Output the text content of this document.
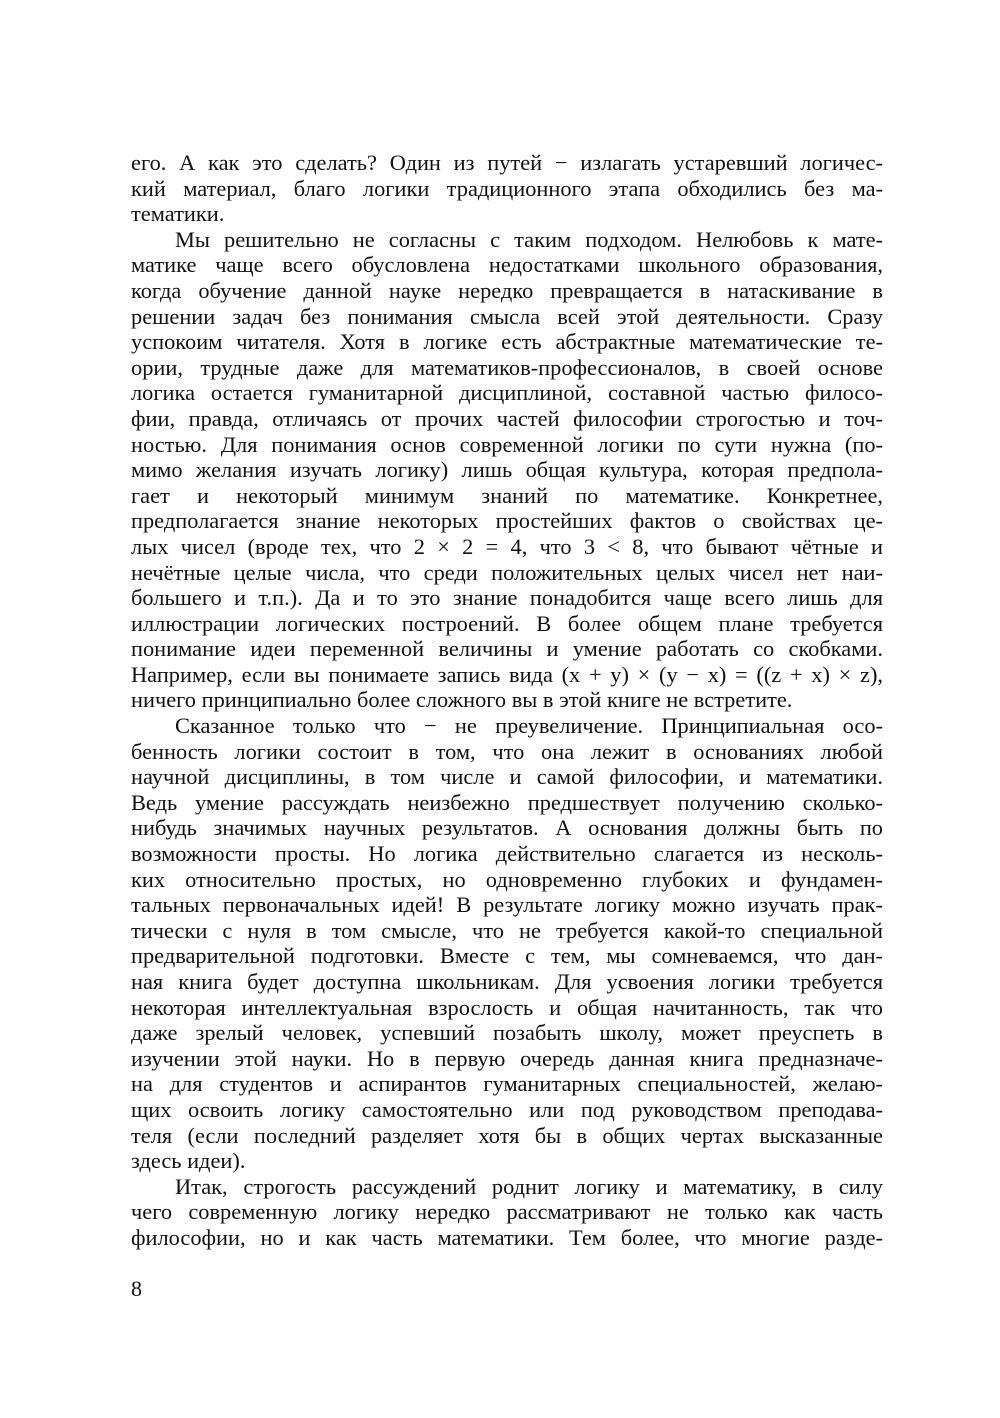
его. А как это сделать? Один из путей − излагать устаревший логичес-
кий материал, благо логики традиционного этапа обходились без ма-
тематики.
Мы решительно не согласны с таким подходом. Нелюбовь к мате-
матике чаще всего обусловлена недостатками школьного образования,
когда обучение данной науке нередко превращается в натаскивание в
решении задач без понимания смысла всей этой деятельности. Сразу
успокоим читателя. Хотя в логике есть абстрактные математические те-
ории, трудные даже для математиков-профессионалов, в своей основе
логика остается гуманитарной дисциплиной, составной частью филосо-
фии, правда, отличаясь от прочих частей философии строгостью и точ-
ностью. Для понимания основ современной логики по сути нужна (по-
мимо желания изучать логику) лишь общая культура, которая предпола-
гает и некоторый минимум знаний по математике. Конкретнее,
предполагается знание некоторых простейших фактов о свойствах це-
лых чисел (вроде тех, что 2 × 2 = 4, что 3 < 8, что бывают чётные и
нечётные целые числа, что среди положительных целых чисел нет наи-
большего и т.п.). Да и то это знание понадобится чаще всего лишь для
иллюстрации логических построений. В более общем плане требуется
понимание идеи переменной величины и умение работать со скобками.
Например, если вы понимаете запись вида (x + y) × (y − x) = ((z + x) × z),
ничего принципиально более сложного вы в этой книге не встретите.
Сказанное только что − не преувеличение. Принципиальная осо-
бенность логики состоит в том, что она лежит в основаниях любой
научной дисциплины, в том числе и самой философии, и математики.
Ведь умение рассуждать неизбежно предшествует получению сколько-
нибудь значимых научных результатов. А основания должны быть по
возможности просты. Но логика действительно слагается из несколь-
ких относительно простых, но одновременно глубоких и фундамен-
тальных первоначальных идей! В результате логику можно изучать прак-
тически с нуля в том смысле, что не требуется какой-то специальной
предварительной подготовки. Вместе с тем, мы сомневаемся, что дан-
ная книга будет доступна школьникам. Для усвоения логики требуется
некоторая интеллектуальная взрослость и общая начитанность, так что
даже зрелый человек, успевший позабыть школу, может преуспеть в
изучении этой науки. Но в первую очередь данная книга предназначе-
на для студентов и аспирантов гуманитарных специальностей, желаю-
щих освоить логику самостоятельно или под руководством преподава-
теля (если последний разделяет хотя бы в общих чертах высказанные
здесь идеи).
Итак, строгость рассуждений роднит логику и математику, в силу
чего современную логику нередко рассматривают не только как часть
философии, но и как часть математики. Тем более, что многие разде-
8
